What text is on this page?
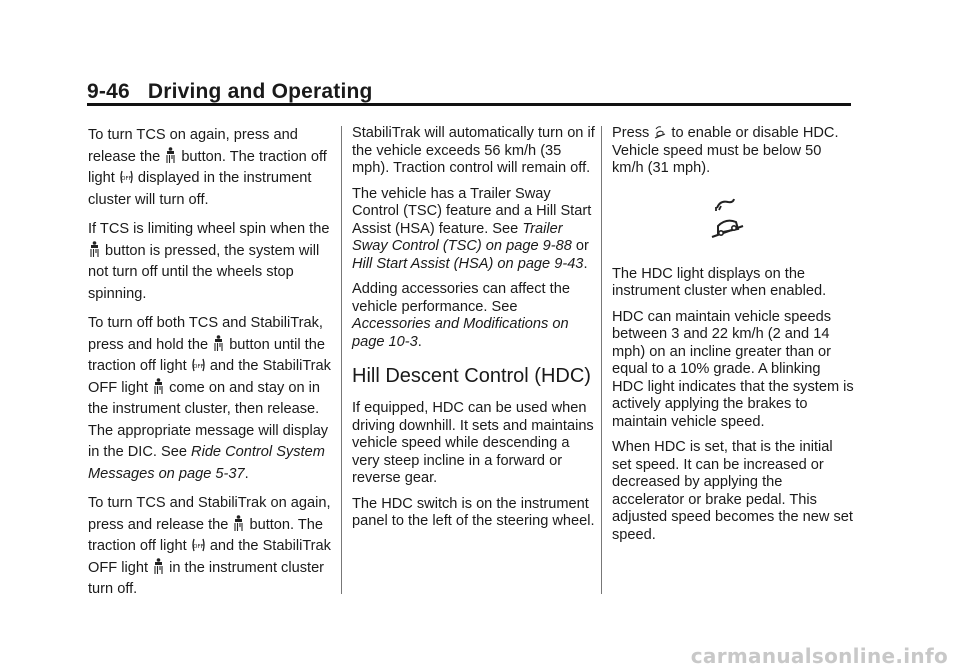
9-46 Driving and Operating

To turn TCS on again, press and release the
button. The traction off light OFF displayed in the instrument cluster will turn off.

If TCS is limiting wheel spin when the
button is pressed, the system will not turn off until the wheels stop spinning.

To turn off both TCS and StabiliTrak, press and hold the
button until the traction off light OFF and the StabiliTrak OFF light
come on and stay on in the instrument cluster, then release. The appropriate message will display in the DIC. See Ride Control System Messages on page 5-37.

To turn TCS and StabiliTrak on again, press and release the
button. The traction off light OFF and the StabiliTrak OFF light
in the instrument cluster turn off.

StabiliTrak will automatically turn on if the vehicle exceeds 56 km/h (35 mph). Traction control will remain off.

The vehicle has a Trailer Sway Control (TSC) feature and a Hill Start Assist (HSA) feature. See Trailer Sway Control (TSC) on page 9-88 or Hill Start Assist (HSA) on page 9-43.

Adding accessories can affect the vehicle performance. See Accessories and Modifications on page 10-3.

Hill Descent Control (HDC)

If equipped, HDC can be used when driving downhill. It sets and maintains vehicle speed while descending a very steep incline in a forward or reverse gear.

The HDC switch is on the instrument panel to the left of the steering wheel.

Press
to enable or disable HDC. Vehicle speed must be below 50 km/h (31 mph).

The HDC light displays on the instrument cluster when enabled.

HDC can maintain vehicle speeds between 3 and 22 km/h (2 and 14 mph) on an incline greater than or equal to a 10% grade. A blinking HDC light indicates that the system is actively applying the brakes to maintain vehicle speed.

When HDC is set, that is the initial set speed. It can be increased or decreased by applying the accelerator or brake pedal. This adjusted speed becomes the new set speed.

carmanualsonline.info
